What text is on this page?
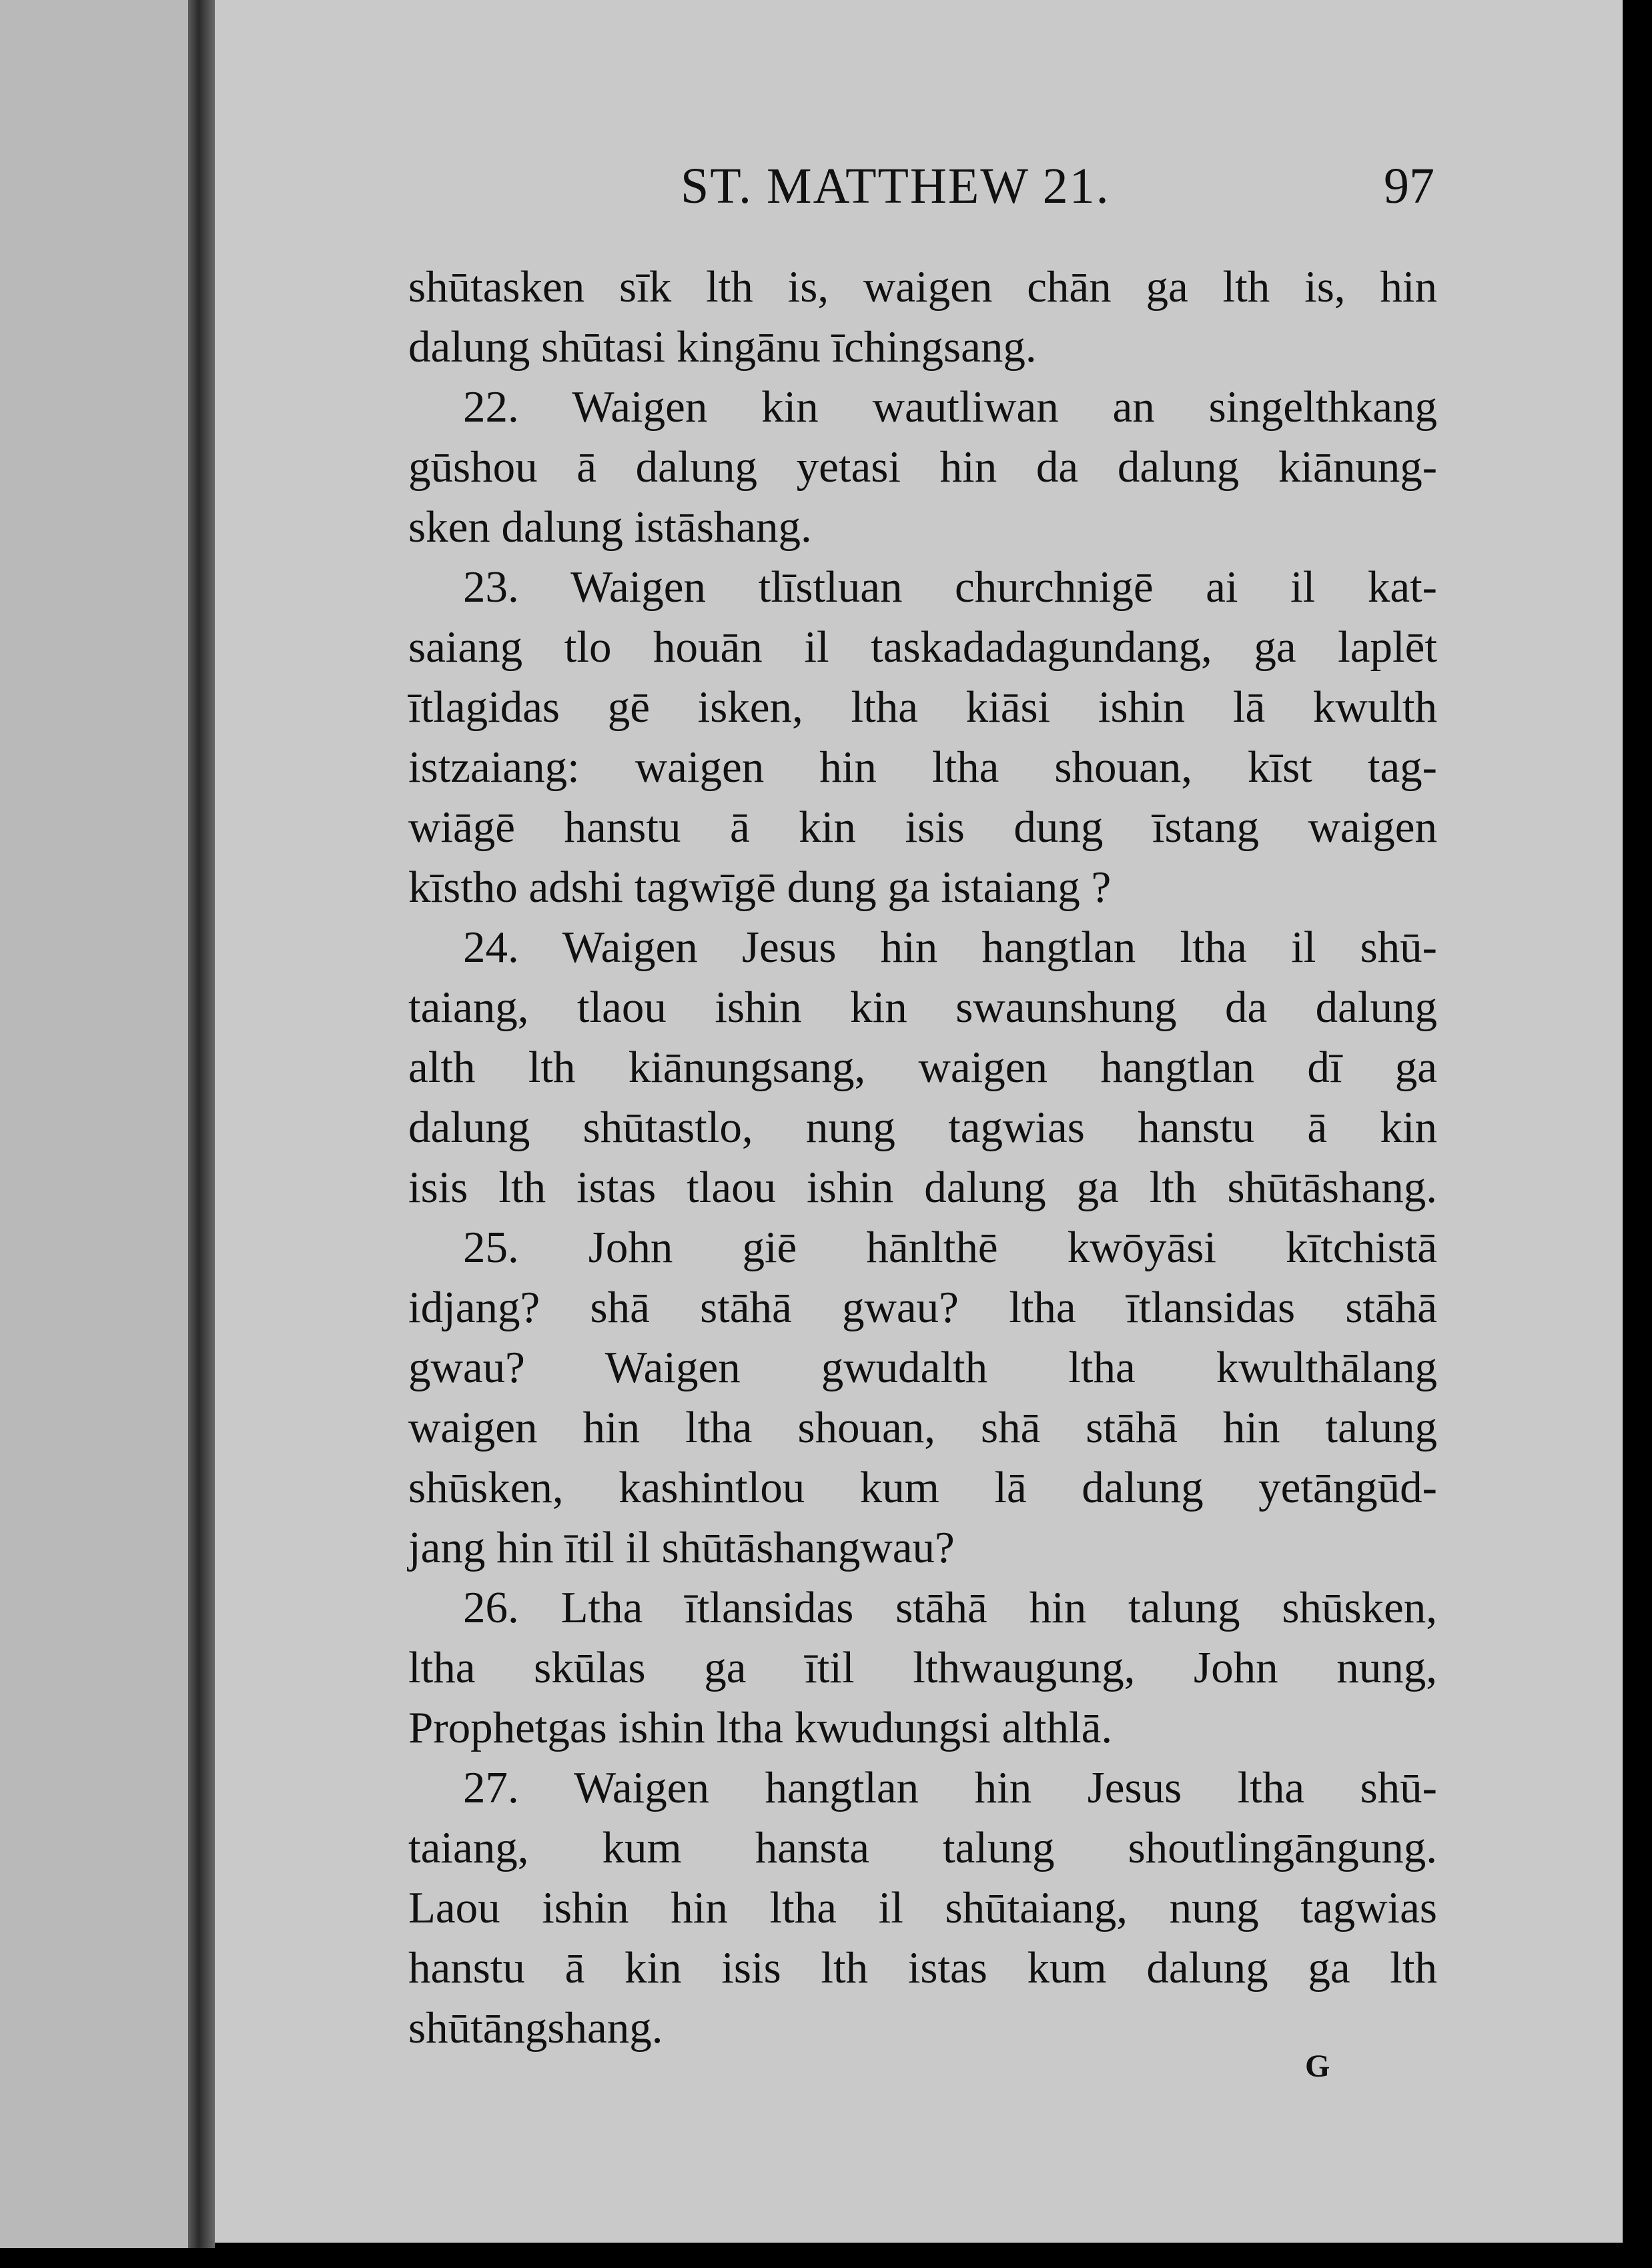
ST. MATTHEW 21.	97
shūtasken sīk lth is, waigen chān ga lth is, hin
dalung shūtasi kingānu īchingsang.
22. Waigen kin wautliwan an singelthkang
gūshou ā dalung yetasi hin da dalung kiānung-
sken dalung istāshang.
23. Waigen tlīstluan churchnigē ai il kat-
saiang tlo houān il taskadadagundang, ga laplēt
ītlagidas gē isken, ltha kiāsi ishin lā kwulth
istzaiang: waigen hin ltha shouan, kīst tag-
wiāgē hanstu ā kin isis dung īstang waigen
kīstho adshi tagwīgē dung ga istaiang ?
24. Waigen Jesus hin hangtlan ltha il shū-
taiang, tlaou ishin kin swaunshung da dalung
alth lth kiānungsang, waigen hangtlan dī ga
dalung shūtastlo, nung tagwias hanstu ā kin
isis lth istas tlaou ishin dalung ga lth shūtāshang.
25. John giē hānlthē kwōyāsi kītchistā
idjang? shā stāhā gwau? ltha ītlansidas stāhā
gwau? Waigen gwudalth ltha kwulthālang
waigen hin ltha shouan, shā stāhā hin talung
shūsken, kashintlou kum lā dalung yetāngūd-
jang hin ītil il shūtāshangwau?
26. Ltha ītlansidas stāhā hin talung shūsken,
ltha skūlas ga ītil lthwaugung, John nung,
Prophetgas ishin ltha kwudungsi althlā.
27. Waigen hangtlan hin Jesus ltha shū-
taiang, kum hansta talung shoutlingāngung.
Laou ishin hin ltha il shūtaiang, nung tagwias
hanstu ā kin isis lth istas kum dalung ga lth
shūtāngshang.
G
